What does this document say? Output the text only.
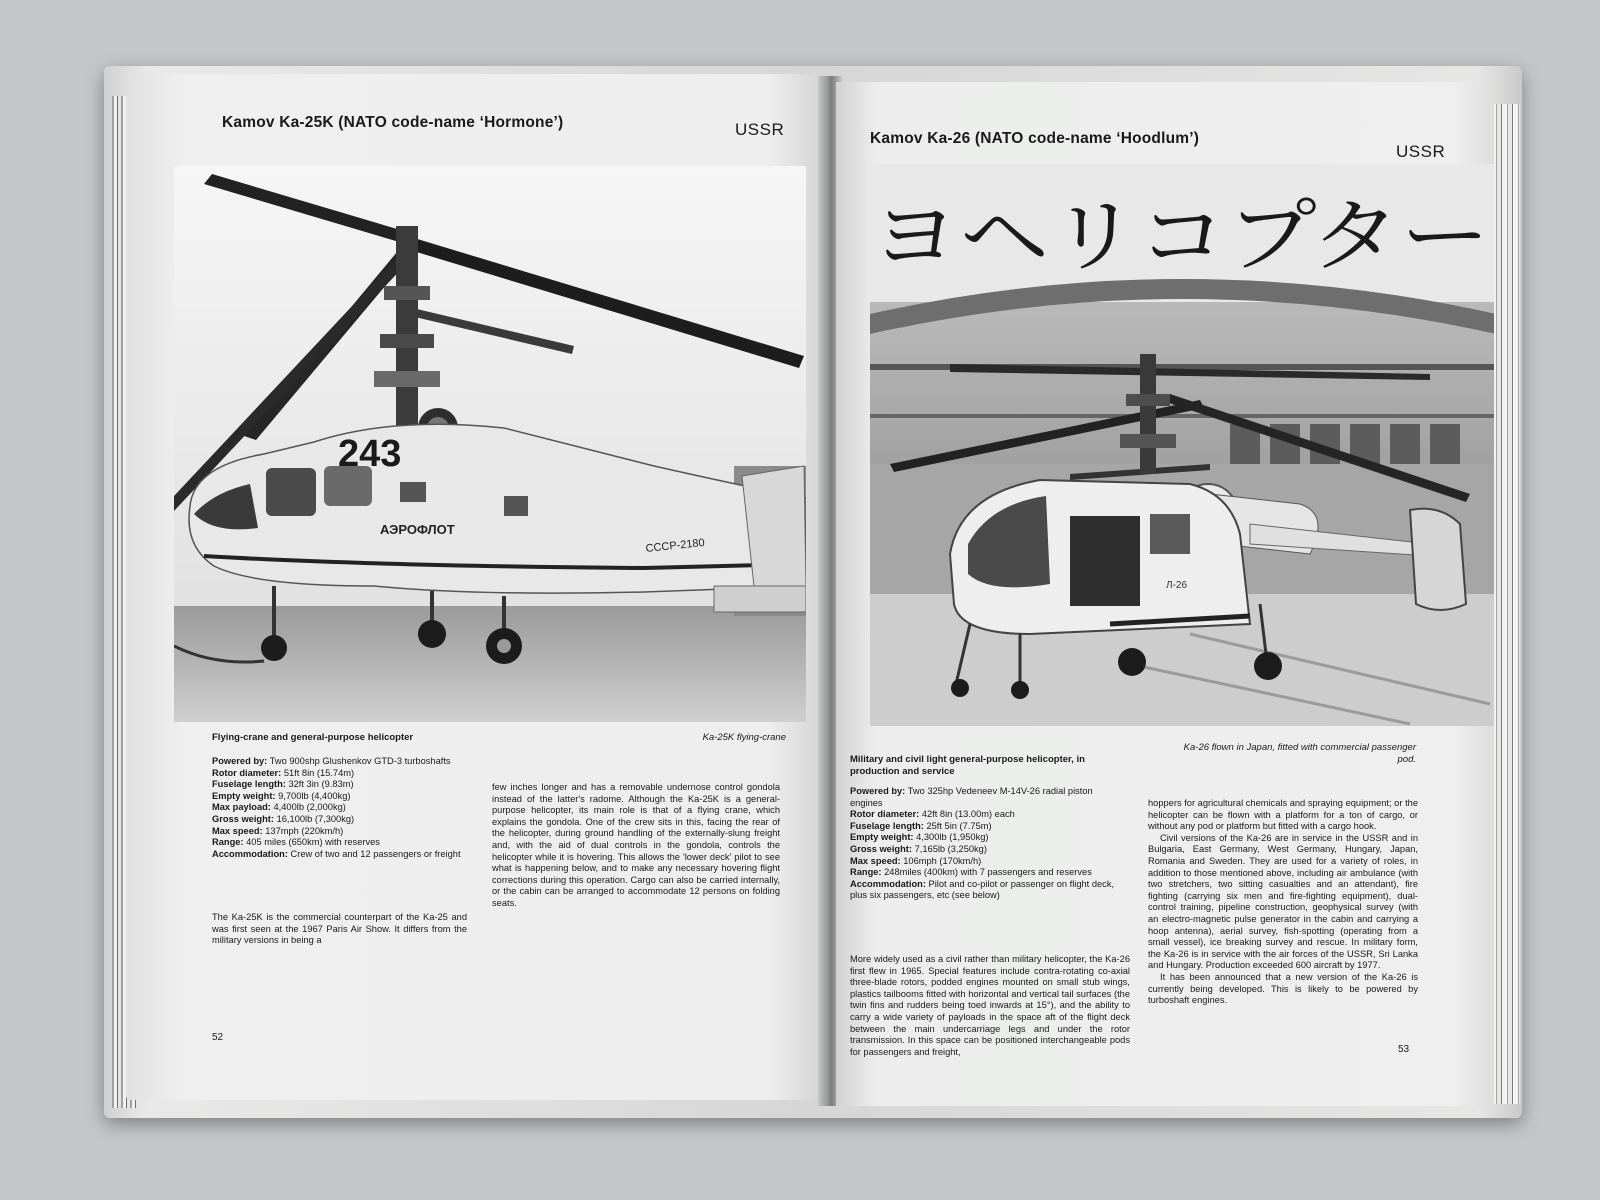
Kamov Ka-25K (NATO code-name ‘Hormone’)	USSR
243
АЭРОФЛОТ
СССР-2180
Flying-crane and general-purpose helicopter	Ka-25K flying-crane

Powered by: Two 900shp Glushenkov GTD-3 turboshafts

Rotor diameter: 51ft 8in (15.74m)

Fuselage length: 32ft 3in (9.83m)

Empty weight: 9,700lb (4,400kg)

Max payload: 4,400lb (2,000kg)

Gross weight: 16,100lb (7,300kg)

Max speed: 137mph (220km/h)

Range: 405 miles (650km) with reserves

Accommodation: Crew of two and 12 passengers or freight

The Ka-25K is the commercial counterpart of the Ka-25 and was first seen at the 1967 Paris Air Show. It differs from the military versions in being a

few inches longer and has a removable undernose control gondola instead of the latter's radome. Although the Ka-25K is a general-purpose helicopter, its main role is that of a flying crane, which explains the gondola. One of the crew sits in this, facing the rear of the helicopter, during ground handling of the externally-slung freight and, with the aid of dual controls in the gondola, controls the helicopter while it is hovering. This allows the 'lower deck' pilot to see what is happening below, and to make any necessary hovering flight corrections during this operation. Cargo can also be carried internally, or the cabin can be arranged to accommodate 12 persons on folding seats.

52
Kamov Ka-26 (NATO code-name ‘Hoodlum’)
USSR
ヨヘリコプター
Л-26
Military and civil light general-purpose helicopter, in production and service
Ka-26 flown in Japan, fitted with commercial passenger pod.

Powered by: Two 325hp Vedeneev M-14V-26 radial piston engines

Rotor diameter: 42ft 8in (13.00m) each

Fuselage length: 25ft 5in (7.75m)

Empty weight: 4,300lb (1,950kg)

Gross weight: 7,165lb (3,250kg)

Max speed: 106mph (170km/h)

Range: 248miles (400km) with 7 passengers and reserves

Accommodation: Pilot and co-pilot or passenger on flight deck, plus six passengers, etc (see below)

More widely used as a civil rather than military helicopter, the Ka-26 first flew in 1965. Special features include contra-rotating co-axial three-blade rotors, podded engines mounted on small stub wings, plastics tailbooms fitted with horizontal and vertical tail surfaces (the twin fins and rudders being toed inwards at 15°), and the ability to carry a wide variety of payloads in the space aft of the flight deck between the main undercarriage legs and under the rotor transmission. In this space can be positioned interchangeable pods for passengers and freight,

hoppers for agricultural chemicals and spraying equipment; or the helicopter can be flown with a platform for a ton of cargo, or without any pod or platform but fitted with a cargo hook.

Civil versions of the Ka-26 are in service in the USSR and in Bulgaria, East Germany, West Germany, Hungary, Japan, Romania and Sweden. They are used for a variety of roles, in addition to those mentioned above, including air ambulance (with two stretchers, two sitting casualties and an attendant), fire fighting (carrying six men and fire-fighting equipment), dual-control training, pipeline construction, geophysical survey (with an electro-magnetic pulse generator in the cabin and carrying a hoop antenna), aerial survey, fish-spotting (operating from a small vessel), ice breaking survey and rescue. In military form, the Ka-26 is in service with the air forces of the USSR, Sri Lanka and Hungary. Production exceeded 600 aircraft by 1977.

It has been announced that a new version of the Ka-26 is currently being developed. This is likely to be powered by turboshaft engines.

53
